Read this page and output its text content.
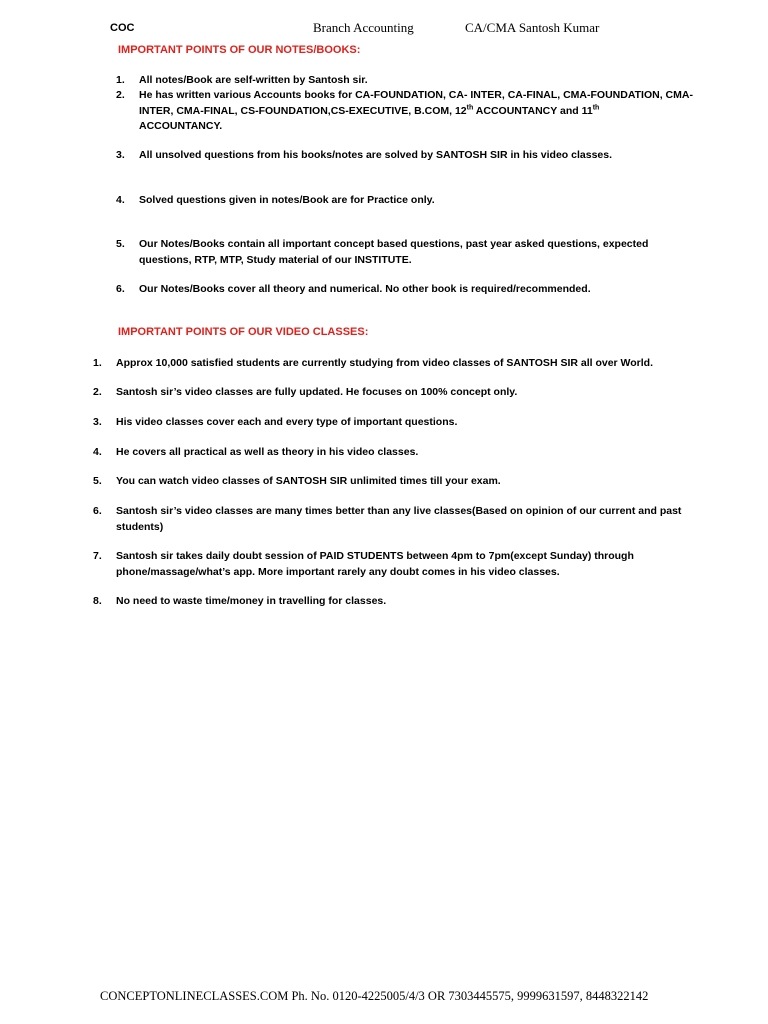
COC	Branch Accounting	CA/CMA Santosh Kumar
IMPORTANT POINTS OF OUR NOTES/BOOKS:
1. All notes/Book are self-written by Santosh sir.
2. He has written various Accounts books for CA-FOUNDATION, CA- INTER, CA-FINAL, CMA-FOUNDATION, CMA-INTER, CMA-FINAL, CS-FOUNDATION,CS-EXECUTIVE, B.COM, 12th ACCOUNTANCY and 11th
ACCOUNTANCY.
3. All unsolved questions from his books/notes are solved by SANTOSH SIR in his video classes.
4. Solved questions given in notes/Book are for Practice only.
5. Our Notes/Books contain all important concept based questions, past year asked questions, expected questions, RTP, MTP, Study material of our INSTITUTE.
6. Our Notes/Books cover all theory and numerical. No other book is required/recommended.
IMPORTANT POINTS OF OUR VIDEO CLASSES:
1. Approx 10,000 satisfied students are currently studying from video classes of SANTOSH SIR all over World.
2. Santosh sir’s video classes are fully updated. He focuses on 100% concept only.
3. His video classes cover each and every type of important questions.
4. He covers all practical as well as theory in his video classes.
5. You can watch video classes of SANTOSH SIR unlimited times till your exam.
6. Santosh sir’s video classes are many times better than any live classes(Based on opinion of our current and past students)
7. Santosh sir takes daily doubt session of PAID STUDENTS between 4pm to 7pm(except Sunday) through phone/massage/what’s app. More important rarely any doubt comes in his video classes.
8. No need to waste time/money in travelling for classes.
CONCEPTONLINECLASSES.COM Ph. No. 0120-4225005/4/3 OR 7303445575, 9999631597, 8448322142
